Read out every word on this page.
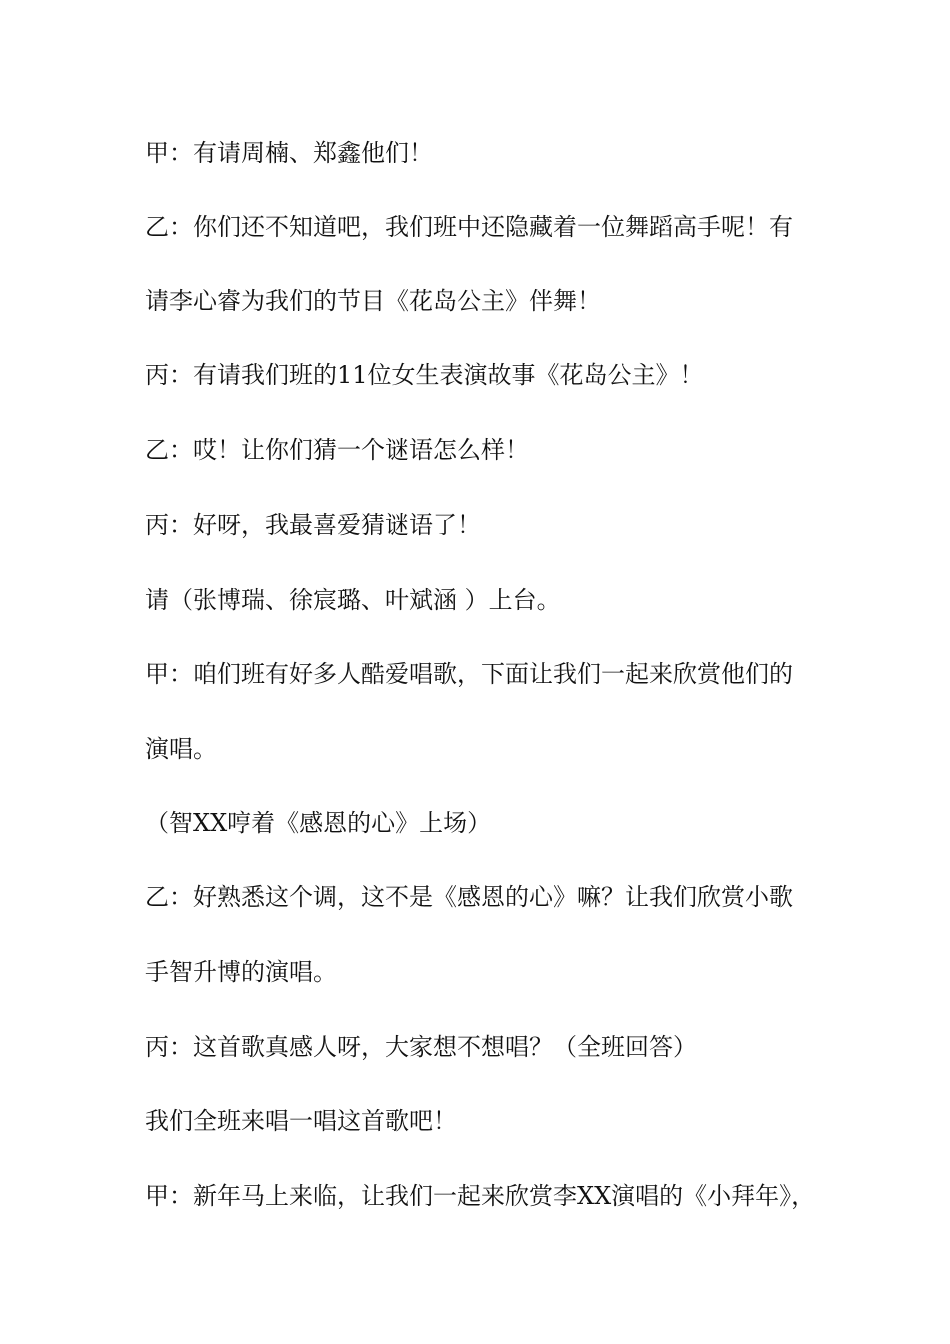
甲：有请周楠、郑鑫他们！

乙：你们还不知道吧，我们班中还隐藏着一位舞蹈高手呢！有

请李心睿为我们的节目《花岛公主》伴舞！

丙：有请我们班的11位女生表演故事《花岛公主》！

乙：哎！让你们猜一个谜语怎么样！

丙：好呀，我最喜爱猜谜语了！

请（张博瑞、徐宸璐、叶斌涵 ）上台。

甲：咱们班有好多人酷爱唱歌，下面让我们一起来欣赏他们的

演唱。

（智XX哼着《感恩的心》上场）

乙：好熟悉这个调，这不是《感恩的心》嘛？让我们欣赏小歌

手智升博的演唱。

丙：这首歌真感人呀，大家想不想唱？（全班回答）

我们全班来唱一唱这首歌吧！

甲：新年马上来临，让我们一起来欣赏李XX演唱的《小拜年》，
